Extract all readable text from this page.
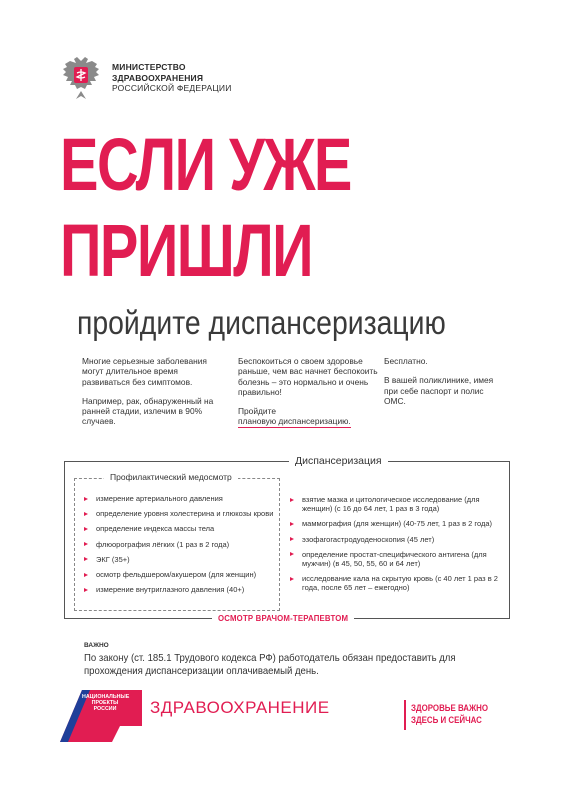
МИНИСТЕРСТВО
ЗДРАВООХРАНЕНИЯ
РОССИЙСКОЙ ФЕДЕРАЦИИ
ЕСЛИ УЖЕ
ПРИШЛИ
пройдите диспансеризацию

Многие серьезные заболевания могут длительное время развиваться без симптомов.

Например, рак, обнаруженный на ранней стадии, излечим в 90% случаев.

Беспокоиться о своем здоровье раньше, чем вас начнет беспокоить болезнь – это нормально и очень правильно!

Пройдите
плановую диспансеризацию.

Бесплатно.

В вашей поликлинике, имея при себе паспорт и полис ОМС.

Диспансеризация
Профилактический медосмотр
измерение артериального давления
определение уровня холестерина и глюкозы крови
определение индекса массы тела
флюорография лёгких (1 раз в 2 года)
ЭКГ (35+)
осмотр фельдшером/акушером (для женщин)
измерение внутриглазного давления (40+)
взятие мазка и цитологическое исследование (для женщин) (с 16 до 64 лет, 1 раз в 3 года)
маммография (для женщин) (40-75 лет, 1 раз в 2 года)
эзофагогастродуоденоскопия (45 лет)
определение простат-специфического антигена (для мужчин) (в 45, 50, 55, 60 и 64 лет)
исследование кала на скрытую кровь (с 40 лет 1 раз в 2 года, после 65 лет – ежегодно)
ОСМОТР ВРАЧОМ-ТЕРАПЕВТОМ
ВАЖНО
По закону (ст. 185.1 Трудового кодекса РФ) работодатель обязан предоставить для прохождения диспансеризации оплачиваемый день.
НАЦИОНАЛЬНЫЕ
ПРОЕКТЫ
РОССИИ	ЗДРАВООХРАНЕНИЕ	ЗДОРОВЬЕ ВАЖНО
ЗДЕСЬ И СЕЙЧАС
